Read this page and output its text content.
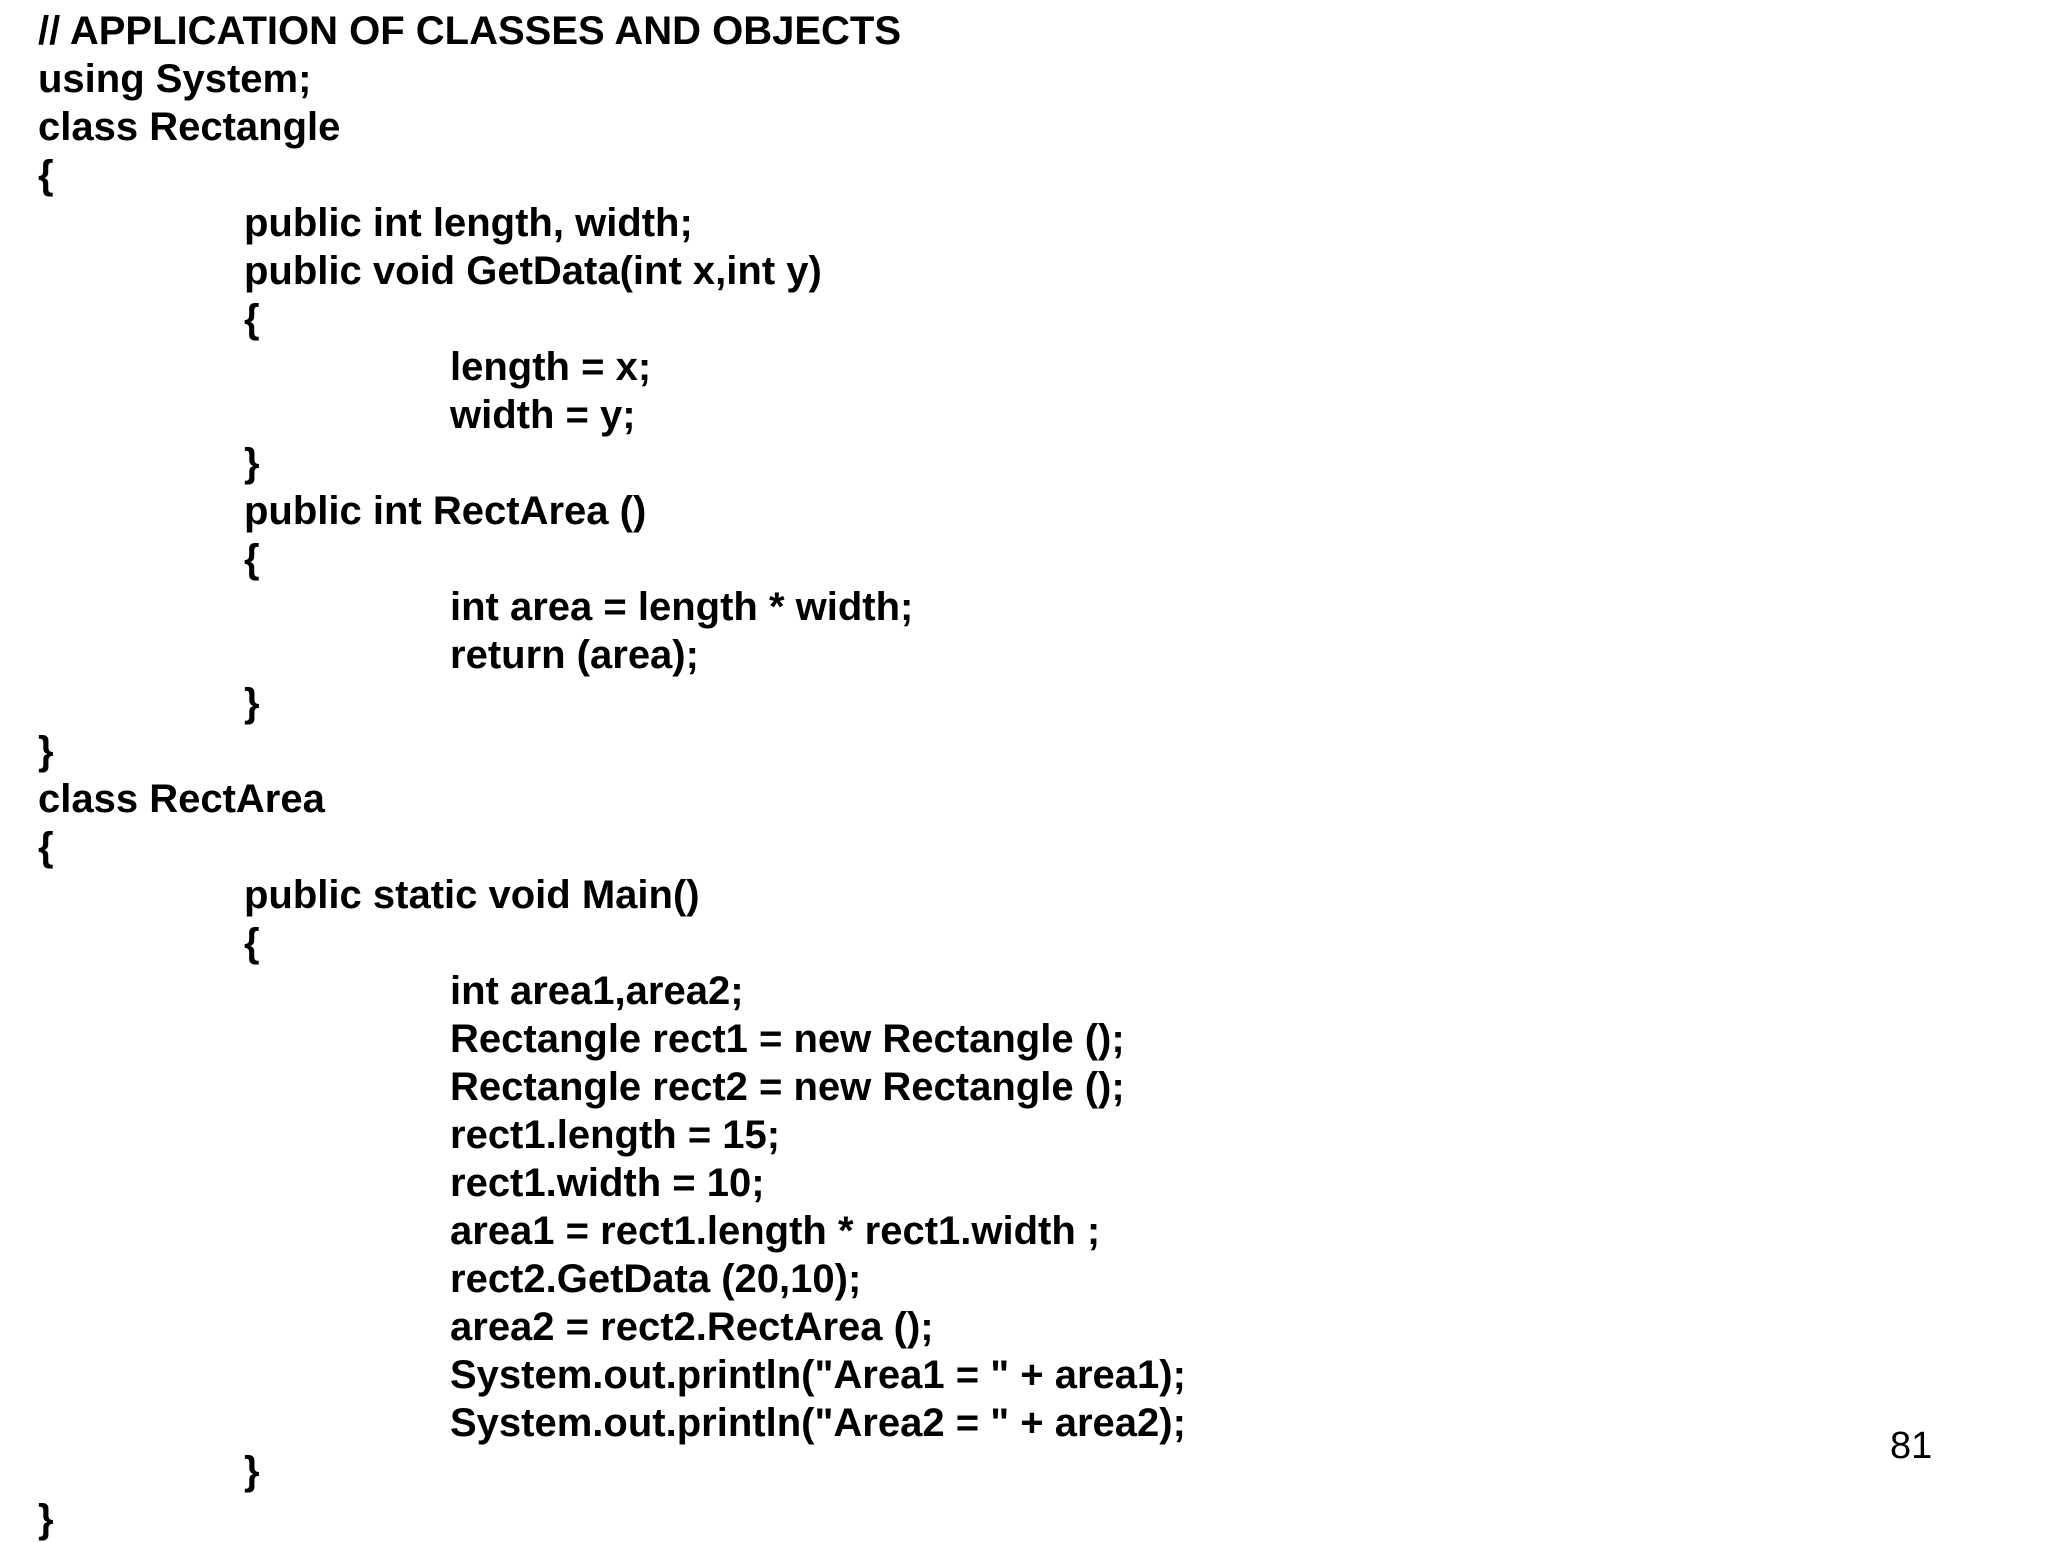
// APPLICATION OF CLASSES AND OBJECTS
using System;
class Rectangle
{
public int length, width;
public void GetData(int x,int y)
{
length = x;
width = y;
}
public int RectArea ()
{
int area = length * width;
return (area);
}
}
class RectArea
{
public static void Main()
{
int area1,area2;
Rectangle rect1 = new Rectangle ();
Rectangle rect2 = new Rectangle ();
rect1.length = 15;
rect1.width = 10;
area1 = rect1.length * rect1.width ;
rect2.GetData (20,10);
area2 = rect2.RectArea ();
System.out.println("Area1 = " + area1);
System.out.println("Area2 = " + area2);
}
}
81
